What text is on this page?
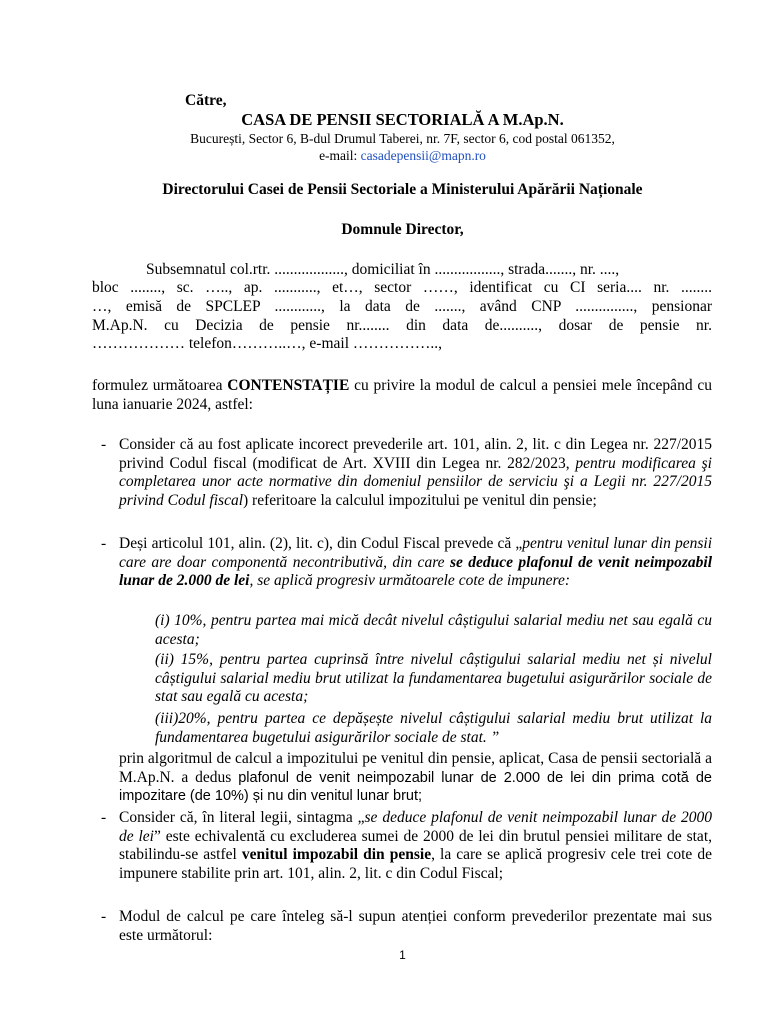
Către,
CASA DE PENSII SECTORIALĂ A M.Ap.N.
București, Sector 6, B-dul Drumul Taberei, nr. 7F, sector 6, cod postal 061352,
e-mail: casadepensii@mapn.ro
Directorului Casei de Pensii Sectoriale a Ministerului Apărării Naționale
Domnule Director,
Subsemnatul col.rtr. .................., domiciliat în ................., strada......., nr. ....,
bloc ........, sc. ….., ap. ..........., et…, sector ……, identificat cu CI seria.... nr. ........
…, emisă de SPCLEP ............, la data de ......., având CNP ..............., pensionar
M.Ap.N. cu Decizia de pensie nr........ din data de.........., dosar de pensie nr.
……………… telefon………..…, e-mail ……………..,
formulez următoarea CONTENSTAȚIE cu privire la modul de calcul a pensiei mele începând cu luna ianuarie 2024, astfel:
- Consider că au fost aplicate incorect prevederile art. 101, alin. 2, lit. c din Legea nr. 227/2015 privind Codul fiscal (modificat de Art. XVIII din Legea nr. 282/2023, pentru modificarea şi completarea unor acte normative din domeniul pensiilor de serviciu şi a Legii nr. 227/2015 privind Codul fiscal) referitoare la calculul impozitului pe venitul din pensie;
- Deși articolul 101, alin. (2), lit. c), din Codul Fiscal prevede că „pentru venitul lunar din pensii care are doar componentă necontributivă, din care se deduce plafonul de venit neimpozabil lunar de 2.000 de lei, se aplică progresiv următoarele cote de impunere:
(i) 10%, pentru partea mai mică decât nivelul câștigului salarial mediu net sau egală cu acesta;
(ii) 15%, pentru partea cuprinsă între nivelul câștigului salarial mediu net și nivelul câștigului salarial mediu brut utilizat la fundamentarea bugetului asigurărilor sociale de stat sau egală cu acesta;
(iii)20%, pentru partea ce depășește nivelul câștigului salarial mediu brut utilizat la fundamentarea bugetului asigurărilor sociale de stat. ”
prin algoritmul de calcul a impozitului pe venitul din pensie, aplicat, Casa de pensii sectorială a M.Ap.N. a dedus plafonul de venit neimpozabil lunar de 2.000 de lei din prima cotă de impozitare (de 10%) și nu din venitul lunar brut;
- Consider că, în literal legii, sintagma „se deduce plafonul de venit neimpozabil lunar de 2000 de lei” este echivalentă cu excluderea sumei de 2000 de lei din brutul pensiei militare de stat, stabilindu-se astfel venitul impozabil din pensie, la care se aplică progresiv cele trei cote de impunere stabilite prin art. 101, alin. 2, lit. c din Codul Fiscal;
- Modul de calcul pe care înteleg să-l supun atenției conform prevederilor prezentate mai sus este următorul:
1
